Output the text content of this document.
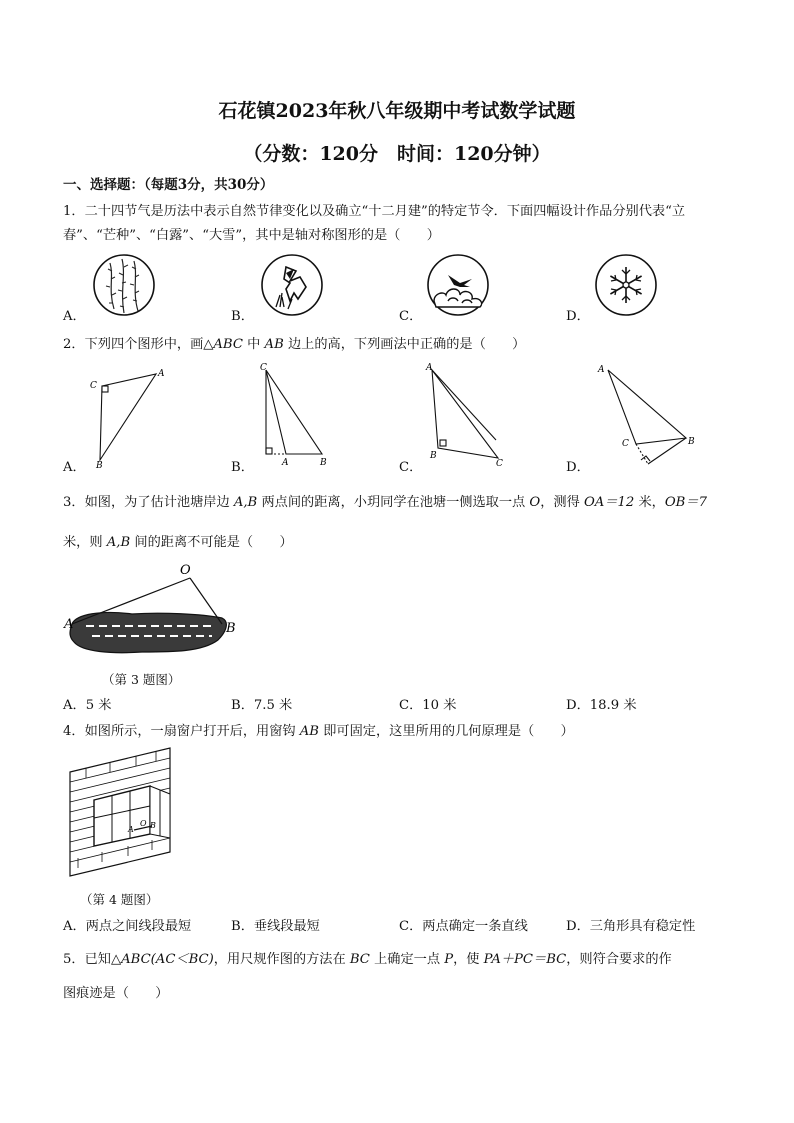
石花镇2023年秋八年级期中考试数学试题
（分数：120分　时间：120分钟）
一、选择题：（每题3分，共30分）
1．二十四节气是历法中表示自然节律变化以及确立“十二月建”的特定节令．下面四幅设计作品分别代表“立
春”、“芒种”、“白露”、“大雪”，其中是轴对称图形的是（　　）
A．	B．	C．	D．
2．下列四个图形中，画△ABC 中 AB 边上的高，下列画法中正确的是（　　）
A．	B．	C．	D．
C
A
B
C
A	B
A
B
C
A
C	B
3．如图，为了估计池塘岸边 A,B 两点间的距离，小玥同学在池塘一侧选取一点 O，测得 OA＝12 米，OB＝7
米，则 A,B 间的距离不可能是（　　）
O
A	B
（第 3 题图）
A．5 米	B．7.5 米	C．10 米	D．18.9 米
4．如图所示，一扇窗户打开后，用窗钩 AB 即可固定，这里所用的几何原理是（　　）
A
O B
（第 4 题图）
A．两点之间线段最短	B．垂线段最短	C．两点确定一条直线	D．三角形具有稳定性
5．已知△ABC(AC＜BC)，用尺规作图的方法在 BC 上确定一点 P，使 PA＋PC＝BC，则符合要求的作
图痕迹是（　　）
